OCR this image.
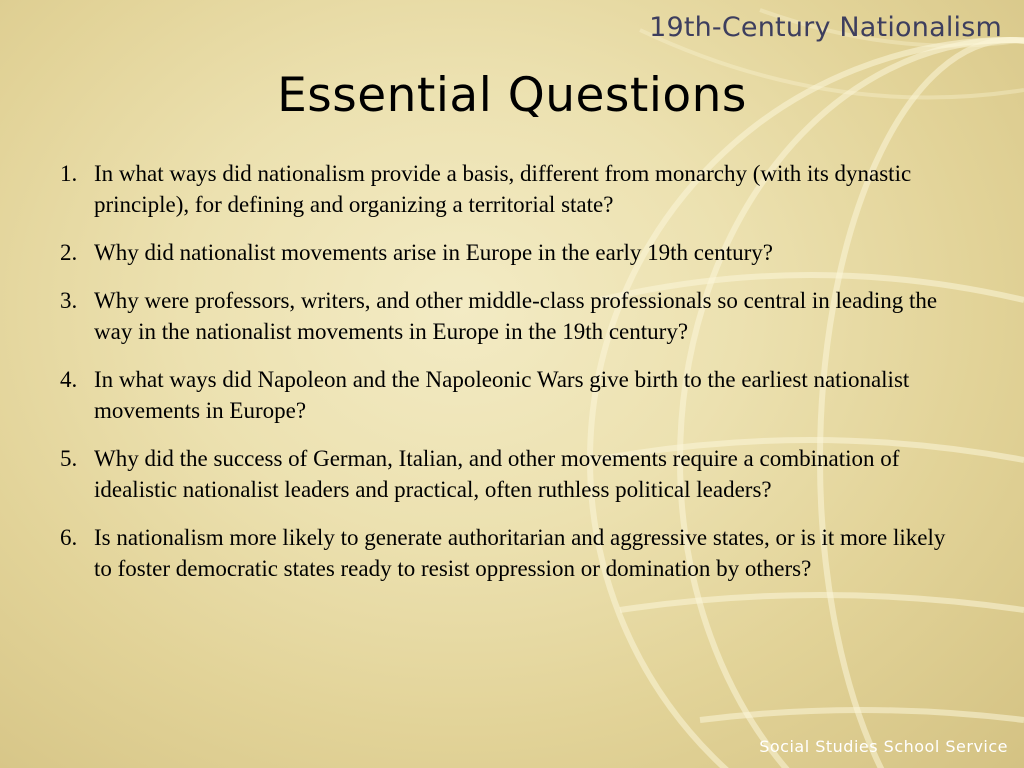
19th-Century Nationalism
Essential Questions
1. In what ways did nationalism provide a basis, different from monarchy (with its dynastic principle), for defining and organizing a territorial state?
2. Why did nationalist movements arise in Europe in the early 19th century?
3. Why were professors, writers, and other middle-class professionals so central in leading the way in the nationalist movements in Europe in the 19th century?
4. In what ways did Napoleon and the Napoleonic Wars give birth to the earliest nationalist movements in Europe?
5. Why did the success of German, Italian, and other movements require a combination of idealistic nationalist leaders and practical, often ruthless political leaders?
6. Is nationalism more likely to generate authoritarian and aggressive states, or is it more likely to foster democratic states ready to resist oppression or domination by others?
Social Studies School Service
